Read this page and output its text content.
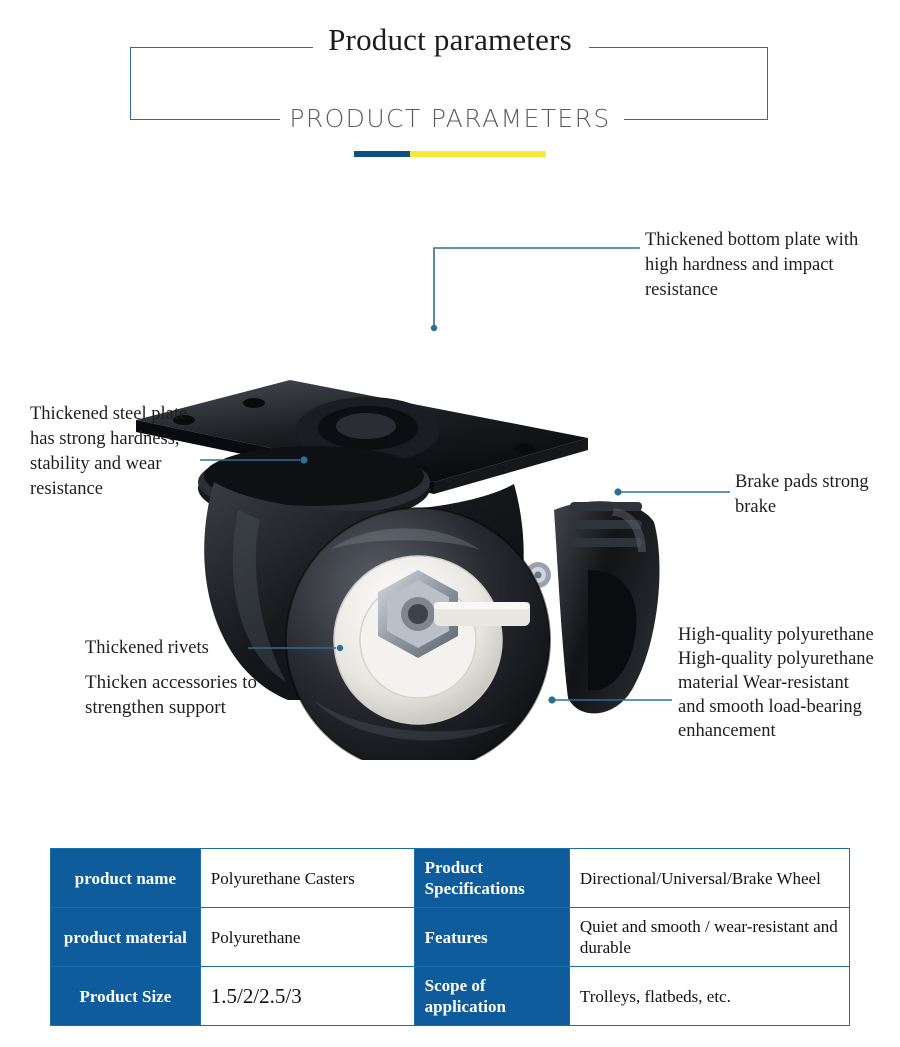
Product parameters
PRODUCT PARAMETERS
Thickened bottom plate with high hardness and impact resistance
Thickened steel plate has strong hardness, stability and wear resistance	Brake pads strong brake
Thickened rivets
Thicken accessories to strengthen support
High-quality polyurethane High-quality polyurethane material Wear-resistant and smooth load-bearing enhancement
product name	Polyurethane Casters	Product Specifications	Directional/Universal/Brake Wheel
product material	Polyurethane	Features	Quiet and smooth / wear-resistant and durable
Product Size	1.5/2/2.5/3	Scope of application	Trolleys, flatbeds, etc.
